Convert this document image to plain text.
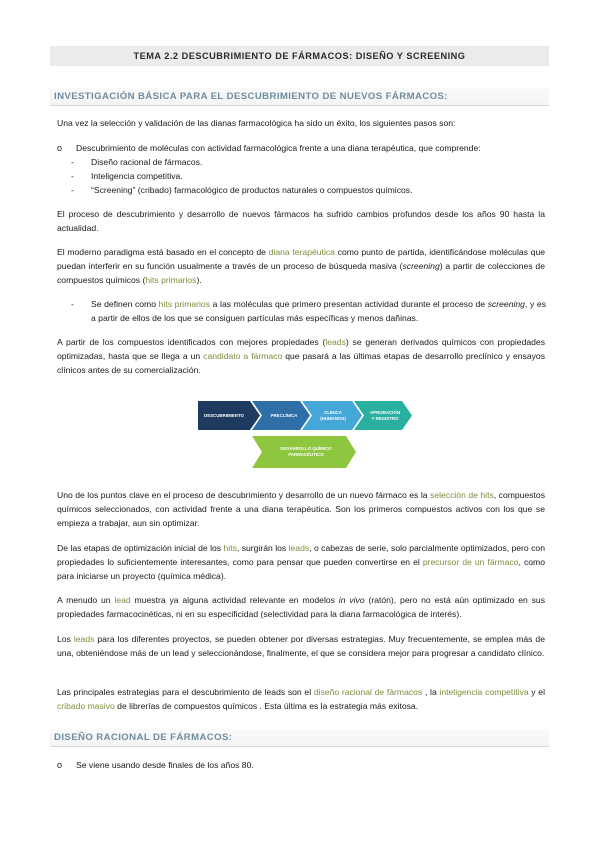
TEMA 2.2 DESCUBRIMIENTO DE FÁRMACOS: DISEÑO Y SCREENING
INVESTIGACIÓN BÁSICA PARA EL DESCUBRIMIENTO DE NUEVOS FÁRMACOS:
Una vez la selección y validación de las dianas farmacológica ha sido un éxito, los siguientes pasos son:
o	Descubrimiento de moléculas con actividad farmacológica frente a una diana terapéutica, que comprende:
-	Diseño racional de fármacos.
-	Inteligencia competitiva.
-	“Screening” (cribado) farmacológico de productos naturales o compuestos químicos.
El proceso de descubrimiento y desarrollo de nuevos fármacos ha sufrido cambios profundos desde los años 90 hasta la actualidad.
El moderno paradigma está basado en el concepto de diana terapéutica como punto de partida, identificándose moléculas que puedan interferir en su función usualmente a través de un proceso de búsqueda masiva (screening) a partir de colecciones de compuestos químicos (hits primarios).
-	Se definen como hits primarios a las moléculas que primero presentan actividad durante el proceso de screening, y es a partir de ellos de los que se consiguen partículas más específicas y menos dañinas.
A partir de los compuestos identificados con mejores propiedades (leads) se generan derivados químicos con propiedades optimizadas, hasta que se llega a un candidato a fármaco que pasará a las últimas etapas de desarrollo preclínico y ensayos clínicos antes de su comercialización.
DESCUBRIMIENTO	PRECLÍNICA
CLÍNICA
(HUMANOS)
APROBACIÓN
Y REGISTRO
DESARROLLO QUÍMICO
FARMACÉUTICO
Uno de los puntos clave en el proceso de descubrimiento y desarrollo de un nuevo fármaco es la selección de hits, compuestos químicos seleccionados, con actividad frente a una diana terapéutica. Son los primeros compuestos activos con los que se empieza a trabajar, aun sin optimizar.
De las etapas de optimización inicial de los hits, surgirán los leads, o cabezas de serie, solo parcialmente optimizados, pero con propiedades lo suficientemente interesantes, como para pensar que pueden convertirse en el precursor de un fármaco, como para iniciarse un proyecto (química médica).
A menudo un lead muestra ya alguna actividad relevante en modelos in vivo (ratón), pero no está aún optimizado en sus propiedades farmacocinéticas, ni en su especificidad (selectividad para la diana farmacológica de interés).
Los leads para los diferentes proyectos, se pueden obtener por diversas estrategias. Muy frecuentemente, se emplea más de una, obteniéndose más de un lead y seleccionándose, finalmente, el que se considera mejor para progresar a candidato clínico.
Las principales estrategias para el descubrimiento de leads son el diseño racional de fármacos , la inteligencia competitiva y el cribado masivo de librerías de compuestos químicos . Esta última es la estrategia más exitosa.
DISEÑO RACIONAL DE FÁRMACOS:
o	Se viene usando desde finales de los años 80.
